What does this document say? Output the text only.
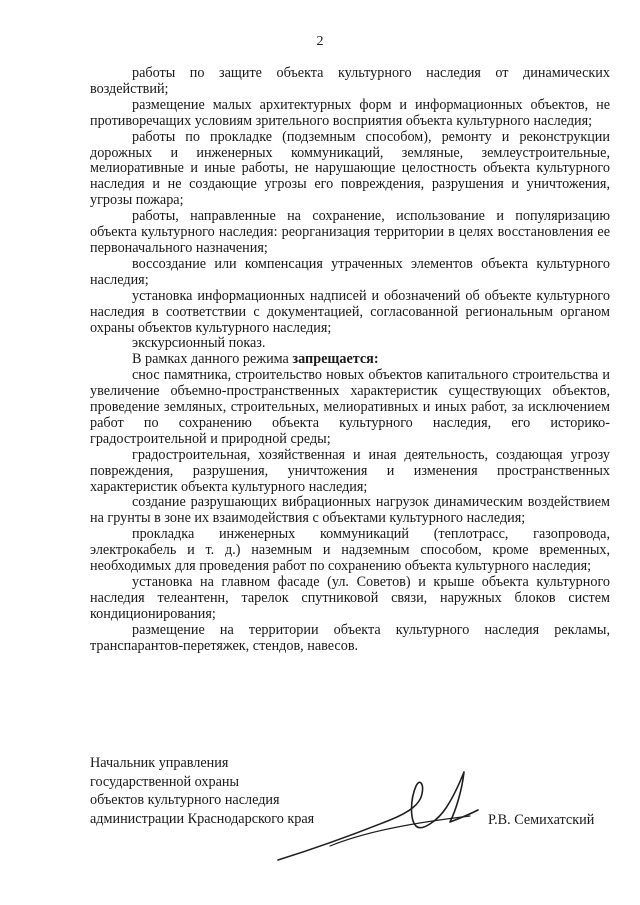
2

работы по защите объекта культурного наследия от динамических воздействий;

размещение малых архитектурных форм и информационных объектов, не противоречащих условиям зрительного восприятия объекта культурного наследия;

работы по прокладке (подземным способом), ремонту и реконструкции дорожных и инженерных коммуникаций, земляные, землеустроительные, мелиоративные и иные работы, не нарушающие целостность объекта культурного наследия и не создающие угрозы его повреждения, разрушения и уничтожения, угрозы пожара;

работы, направленные на сохранение, использование и популяризацию объекта культурного наследия: реорганизация территории в целях восстановления ее первоначального назначения;

воссоздание или компенсация утраченных элементов объекта культурного наследия;

установка информационных надписей и обозначений об объекте культурного наследия в соответствии с документацией, согласованной региональным органом охраны объектов культурного наследия;

экскурсионный показ.

В рамках данного режима запрещается:

снос памятника, строительство новых объектов капитального строительства и увеличение объемно-пространственных характеристик существующих объектов, проведение земляных, строительных, мелиоративных и иных работ, за исключением работ по сохранению объекта культурного наследия, его историко-градостроительной и природной среды;

градостроительная, хозяйственная и иная деятельность, создающая угрозу повреждения, разрушения, уничтожения и изменения пространственных характеристик объекта культурного наследия;

создание разрушающих вибрационных нагрузок динамическим воздействием на грунты в зоне их взаимодействия с объектами культурного наследия;

прокладка инженерных коммуникаций (теплотрасс, газопровода, электрокабель и т. д.) наземным и надземным способом, кроме временных, необходимых для проведения работ по сохранению объекта культурного наследия;

установка на главном фасаде (ул. Советов) и крыше объекта культурного наследия телеантенн, тарелок спутниковой связи, наружных блоков систем кондиционирования;

размещение на территории объекта культурного наследия рекламы, транспарантов-перетяжек, стендов, навесов.

Начальник управления
государственной охраны
объектов культурного наследия
администрации Краснодарского края	Р.В. Семихатский
